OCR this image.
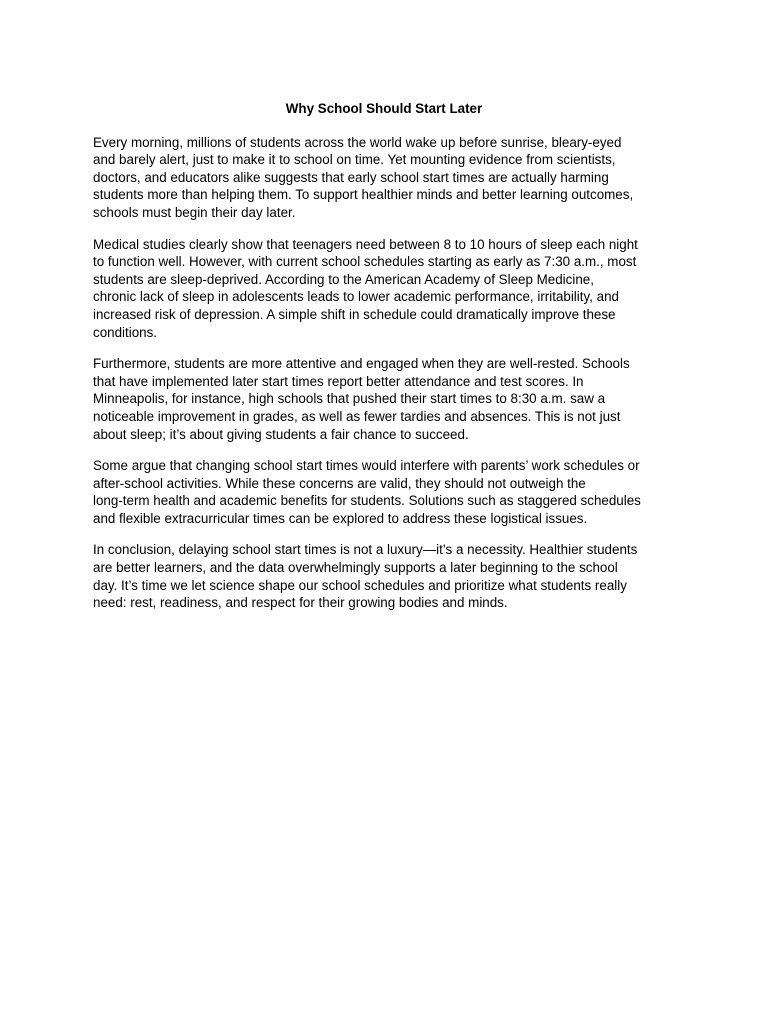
Why School Should Start Later
Every morning, millions of students across the world wake up before sunrise, bleary-eyed
and barely alert, just to make it to school on time. Yet mounting evidence from scientists,
doctors, and educators alike suggests that early school start times are actually harming
students more than helping them. To support healthier minds and better learning outcomes,
schools must begin their day later.
Medical studies clearly show that teenagers need between 8 to 10 hours of sleep each night
to function well. However, with current school schedules starting as early as 7:30 a.m., most
students are sleep-deprived. According to the American Academy of Sleep Medicine,
chronic lack of sleep in adolescents leads to lower academic performance, irritability, and
increased risk of depression. A simple shift in schedule could dramatically improve these
conditions.
Furthermore, students are more attentive and engaged when they are well-rested. Schools
that have implemented later start times report better attendance and test scores. In
Minneapolis, for instance, high schools that pushed their start times to 8:30 a.m. saw a
noticeable improvement in grades, as well as fewer tardies and absences. This is not just
about sleep; it’s about giving students a fair chance to succeed.
Some argue that changing school start times would interfere with parents’ work schedules or
after-school activities. While these concerns are valid, they should not outweigh the
long-term health and academic benefits for students. Solutions such as staggered schedules
and flexible extracurricular times can be explored to address these logistical issues.
In conclusion, delaying school start times is not a luxury—it’s a necessity. Healthier students
are better learners, and the data overwhelmingly supports a later beginning to the school
day. It’s time we let science shape our school schedules and prioritize what students really
need: rest, readiness, and respect for their growing bodies and minds.
